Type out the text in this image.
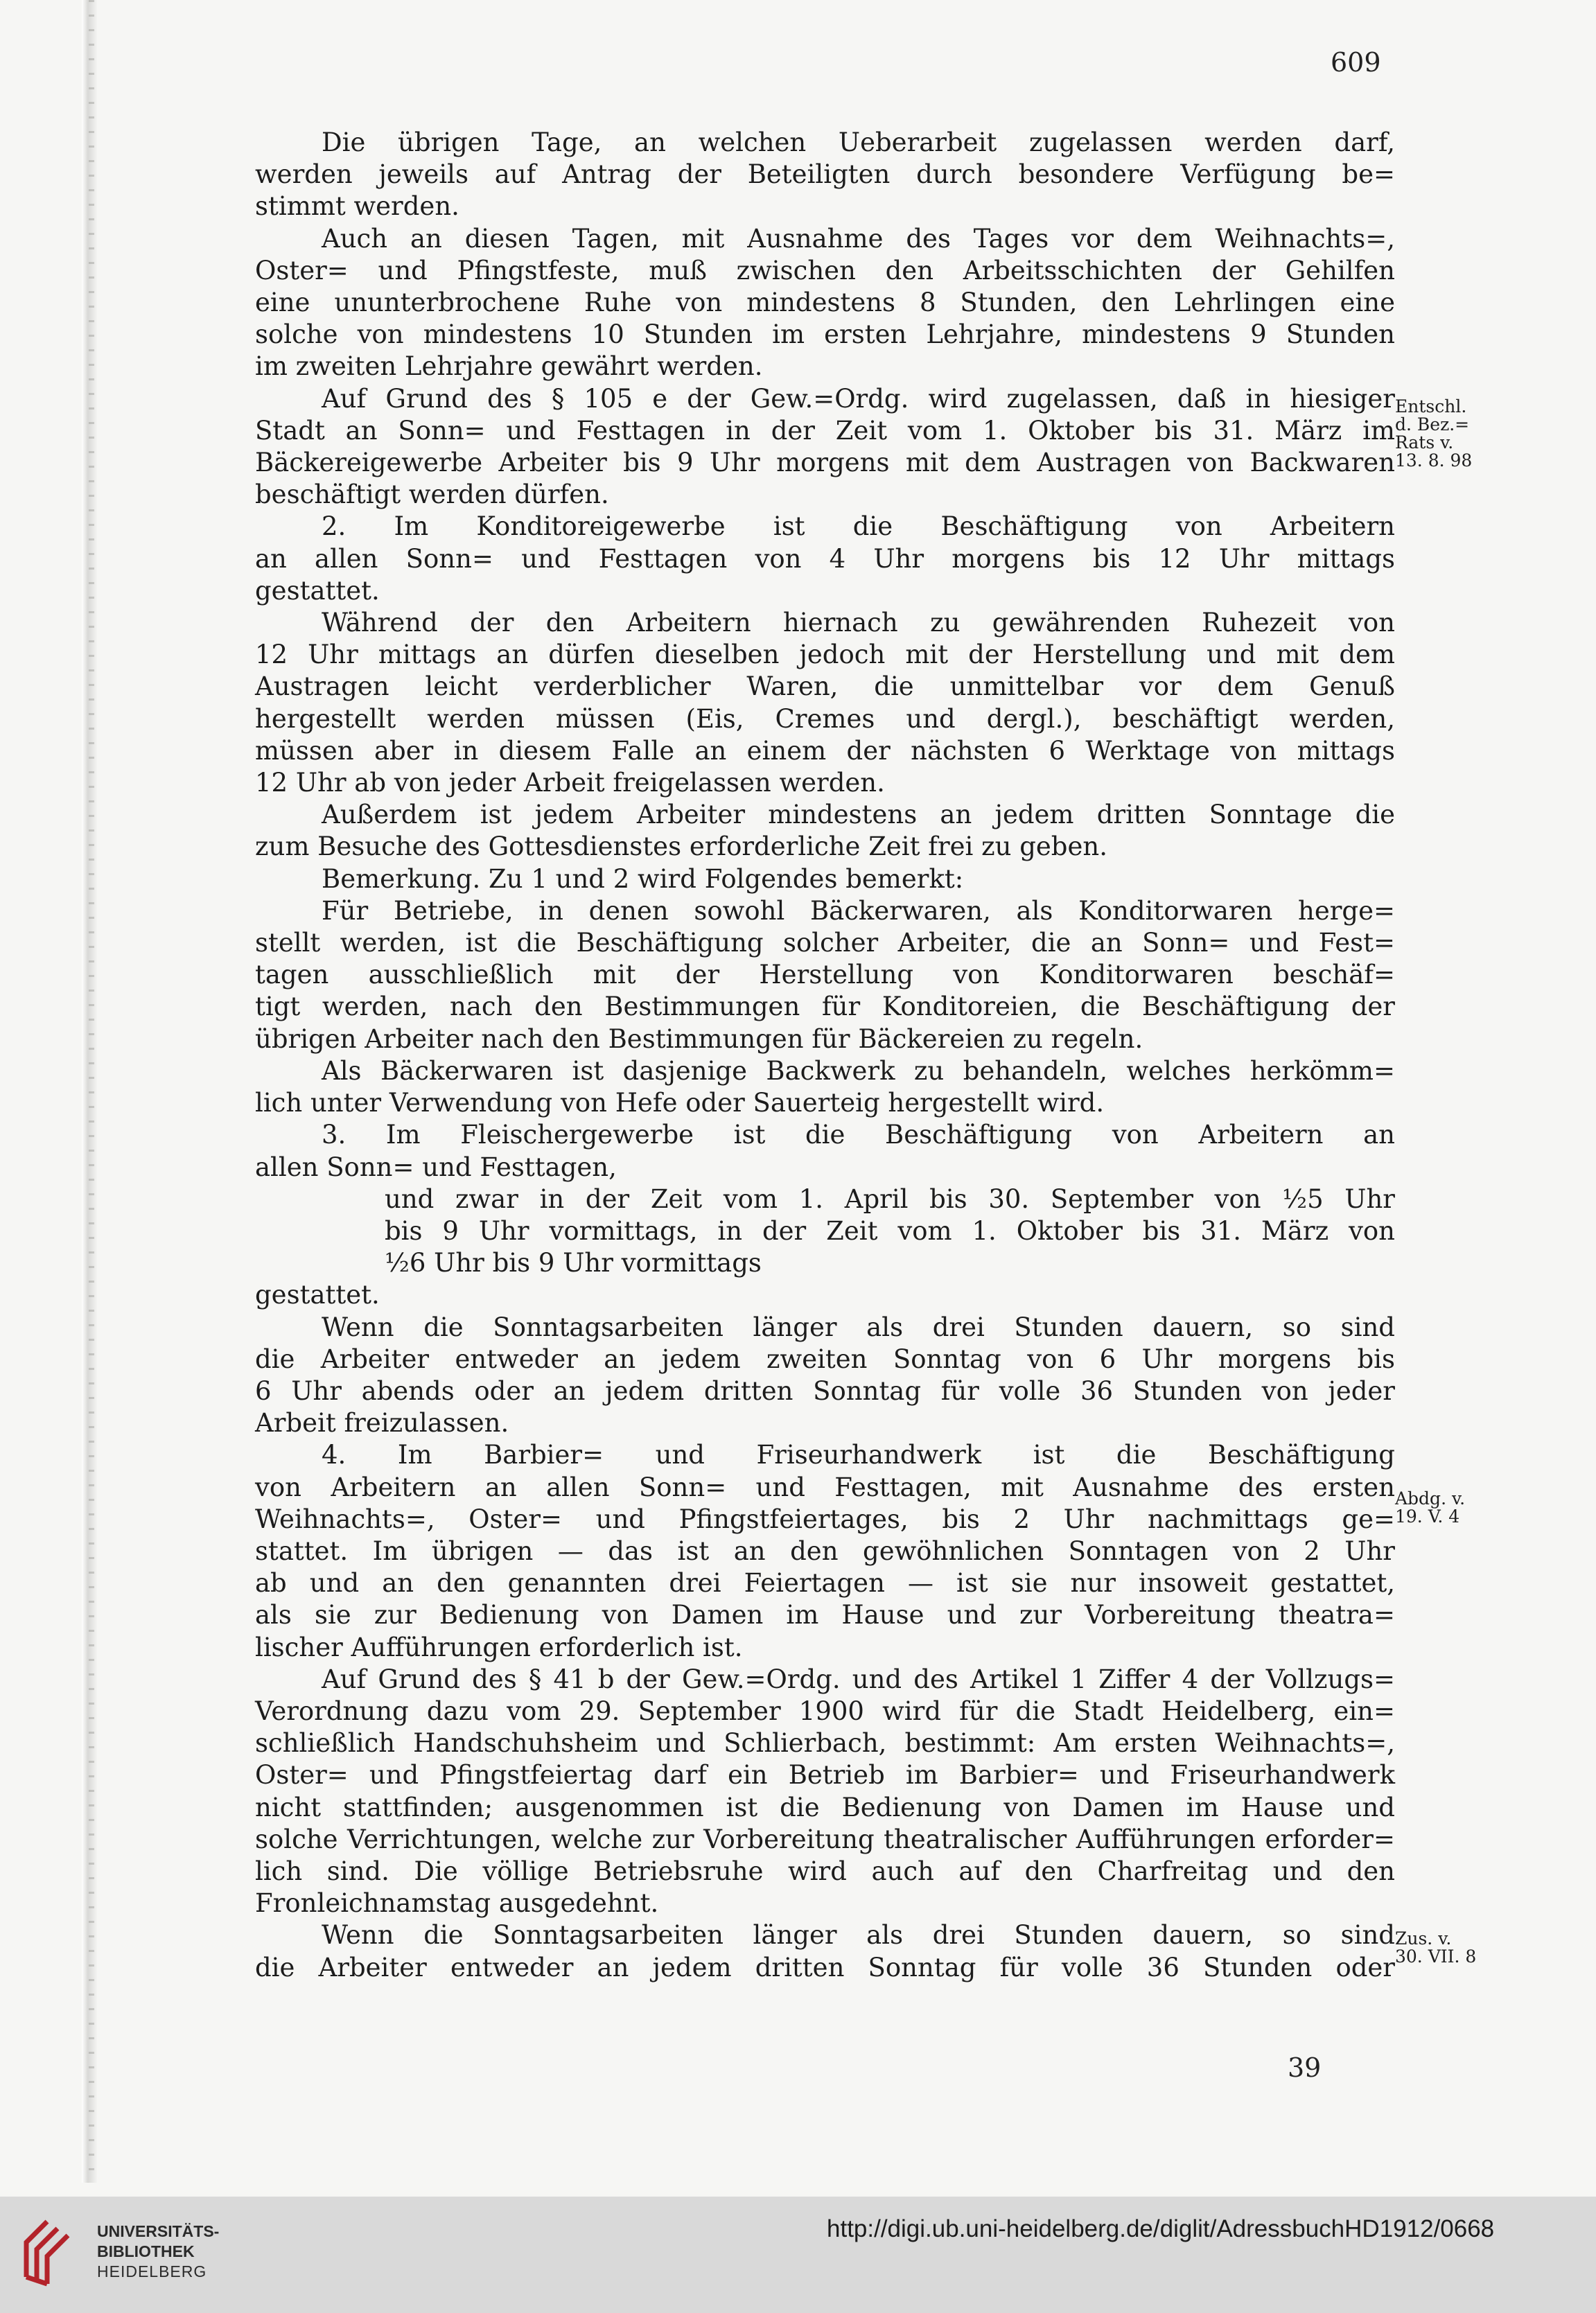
609
Die übrigen Tage, an welchen Ueberarbeit zugelassen werden darf,
werden jeweils auf Antrag der Beteiligten durch besondere Verfügung be=
stimmt werden.
Auch an diesen Tagen, mit Ausnahme des Tages vor dem Weihnachts=,
Oster= und Pfingstfeste, muß zwischen den Arbeitsschichten der Gehilfen
eine ununterbrochene Ruhe von mindestens 8 Stunden, den Lehrlingen eine
solche von mindestens 10 Stunden im ersten Lehrjahre, mindestens 9 Stunden
im zweiten Lehrjahre gewährt werden.
Auf Grund des § 105 e der Gew.=Ordg. wird zugelassen, daß in hiesiger
Stadt an Sonn= und Festtagen in der Zeit vom 1. Oktober bis 31. März im
Bäckereigewerbe Arbeiter bis 9 Uhr morgens mit dem Austragen von Backwaren
beschäftigt werden dürfen.
2. Im Konditoreigewerbe ist die Beschäftigung von Arbeitern
an allen Sonn= und Festtagen von 4 Uhr morgens bis 12 Uhr mittags
gestattet.
Während der den Arbeitern hiernach zu gewährenden Ruhezeit von
12 Uhr mittags an dürfen dieselben jedoch mit der Herstellung und mit dem
Austragen leicht verderblicher Waren, die unmittelbar vor dem Genuß
hergestellt werden müssen (Eis, Cremes und dergl.), beschäftigt werden,
müssen aber in diesem Falle an einem der nächsten 6 Werktage von mittags
12 Uhr ab von jeder Arbeit freigelassen werden.
Außerdem ist jedem Arbeiter mindestens an jedem dritten Sonntage die
zum Besuche des Gottesdienstes erforderliche Zeit frei zu geben.
Bemerkung. Zu 1 und 2 wird Folgendes bemerkt:
Für Betriebe, in denen sowohl Bäckerwaren, als Konditorwaren herge=
stellt werden, ist die Beschäftigung solcher Arbeiter, die an Sonn= und Fest=
tagen ausschließlich mit der Herstellung von Konditorwaren beschäf=
tigt werden, nach den Bestimmungen für Konditoreien, die Beschäftigung der
übrigen Arbeiter nach den Bestimmungen für Bäckereien zu regeln.
Als Bäckerwaren ist dasjenige Backwerk zu behandeln, welches herkömm=
lich unter Verwendung von Hefe oder Sauerteig hergestellt wird.
3. Im Fleischergewerbe ist die Beschäftigung von Arbeitern an
allen Sonn= und Festtagen,
und zwar in der Zeit vom 1. April bis 30. September von ½5 Uhr
bis 9 Uhr vormittags, in der Zeit vom 1. Oktober bis 31. März von
½6 Uhr bis 9 Uhr vormittags
gestattet.
Wenn die Sonntagsarbeiten länger als drei Stunden dauern, so sind
die Arbeiter entweder an jedem zweiten Sonntag von 6 Uhr morgens bis
6 Uhr abends oder an jedem dritten Sonntag für volle 36 Stunden von jeder
Arbeit freizulassen.
4. Im Barbier= und Friseurhandwerk ist die Beschäftigung
von Arbeitern an allen Sonn= und Festtagen, mit Ausnahme des ersten
Weihnachts=, Oster= und Pfingstfeiertages, bis 2 Uhr nachmittags ge=
stattet. Im übrigen — das ist an den gewöhnlichen Sonntagen von 2 Uhr
ab und an den genannten drei Feiertagen — ist sie nur insoweit gestattet,
als sie zur Bedienung von Damen im Hause und zur Vorbereitung theatra=
lischer Aufführungen erforderlich ist.
Auf Grund des § 41 b der Gew.=Ordg. und des Artikel 1 Ziffer 4 der Vollzugs=
Verordnung dazu vom 29. September 1900 wird für die Stadt Heidelberg, ein=
schließlich Handschuhsheim und Schlierbach, bestimmt: Am ersten Weihnachts=,
Oster= und Pfingstfeiertag darf ein Betrieb im Barbier= und Friseurhandwerk
nicht stattfinden; ausgenommen ist die Bedienung von Damen im Hause und
solche Verrichtungen, welche zur Vorbereitung theatralischer Aufführungen erforder=
lich sind. Die völlige Betriebsruhe wird auch auf den Charfreitag und den
Fronleichnamstag ausgedehnt.
Wenn die Sonntagsarbeiten länger als drei Stunden dauern, so sind
die Arbeiter entweder an jedem dritten Sonntag für volle 36 Stunden oder
Entschl.
d. Bez.=
Rats v.
13. 8. 98
Abdg. v.
19. V. 4
Zus. v.
30. VII. 8
39
UNIVERSITÄTS-
BIBLIOTHEK
HEIDELBERG
http://digi.ub.uni-heidelberg.de/diglit/AdressbuchHD1912/0668
